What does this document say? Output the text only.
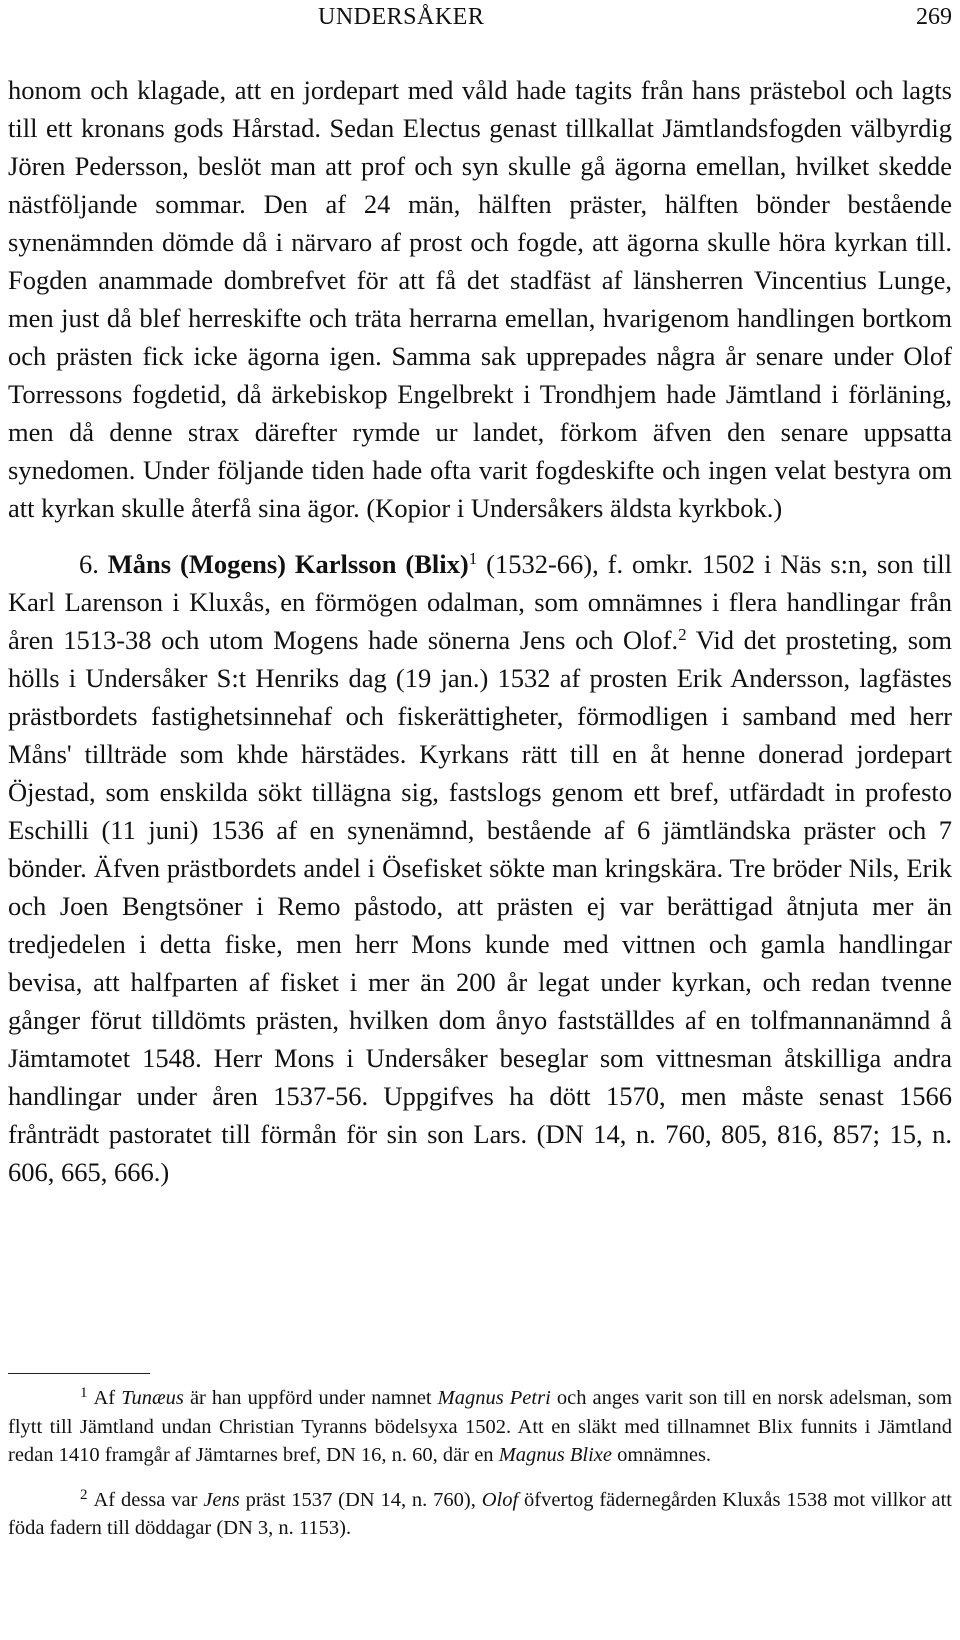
UNDERSÅKER	269

honom och klagade, att en jordepart med våld hade tagits från hans prästebol och lagts till ett kronans gods Hårstad. Sedan Electus genast tillkallat Jämtlandsfogden välbyrdig Jören Pedersson, beslöt man att prof och syn skulle gå ägorna emellan, hvilket skedde nästföljande sommar. Den af 24 män, hälften präster, hälften bönder bestående synenämnden dömde då i närvaro af prost och fogde, att ägorna skulle höra kyrkan till. Fogden anammade dombrefvet för att få det stadfäst af länsherren Vincentius Lunge, men just då blef herreskifte och träta herrarna emellan, hvarigenom handlingen bortkom och prästen fick icke ägorna igen. Samma sak upprepades några år senare under Olof Torressons fogdetid, då ärkebiskop Engelbrekt i Trondhjem hade Jämtland i förläning, men då denne strax därefter rymde ur landet, förkom äfven den senare uppsatta synedomen. Under följande tiden hade ofta varit fogdeskifte och ingen velat bestyra om att kyrkan skulle återfå sina ägor. (Kopior i Undersåkers äldsta kyrkbok.)

6. Måns (Mogens) Karlsson (Blix)$^1$ (1532-66), f. omkr. 1502 i Näs s:n, son till Karl Larenson i Kluxås, en förmögen odalman, som omnämnes i flera handlingar från åren 1513-38 och utom Mogens hade sönerna Jens och Olof.$^2$ Vid det prosteting, som hölls i Undersåker S:t Henriks dag (19 jan.) 1532 af prosten Erik Andersson, lagfästes prästbordets fastighetsinnehaf och fiskerättigheter, förmodligen i samband med herr Måns' tillträde som khde härstädes. Kyrkans rätt till en åt henne donerad jordepart Öjestad, som enskilda sökt tillägna sig, fastslogs genom ett bref, utfärdadt in profesto Eschilli (11 juni) 1536 af en synenämnd, bestående af 6 jämtländska präster och 7 bönder. Äfven prästbordets andel i Ösefisket sökte man kringskära. Tre bröder Nils, Erik och Joen Bengtsöner i Remo påstodo, att prästen ej var berättigad åtnjuta mer än tredjedelen i detta fiske, men herr Mons kunde med vittnen och gamla handlingar bevisa, att halfparten af fisket i mer än 200 år legat under kyrkan, och redan tvenne gånger förut tilldömts prästen, hvilken dom ånyo fastställdes af en tolfmannanämnd å Jämtamotet 1548. Herr Mons i Undersåker beseglar som vittnesman åtskilliga andra handlingar under åren 1537-56. Uppgifves ha dött 1570, men måste senast 1566 frånträdt pastoratet till förmån för sin son Lars. (DN 14, n. 760, 805, 816, 857; 15, n. 606, 665, 666.)

$^1$ Af Tunæus är han uppförd under namnet Magnus Petri och anges varit son till en norsk adelsman, som flytt till Jämtland undan Christian Tyranns bödelsyxa 1502. Att en släkt med tillnamnet Blix funnits i Jämtland redan 1410 framgår af Jämtarnes bref, DN 16, n. 60, där en Magnus Blixe omnämnes.

$^2$ Af dessa var Jens präst 1537 (DN 14, n. 760), Olof öfvertog fädernegården Kluxås 1538 mot villkor att föda fadern till döddagar (DN 3, n. 1153).
